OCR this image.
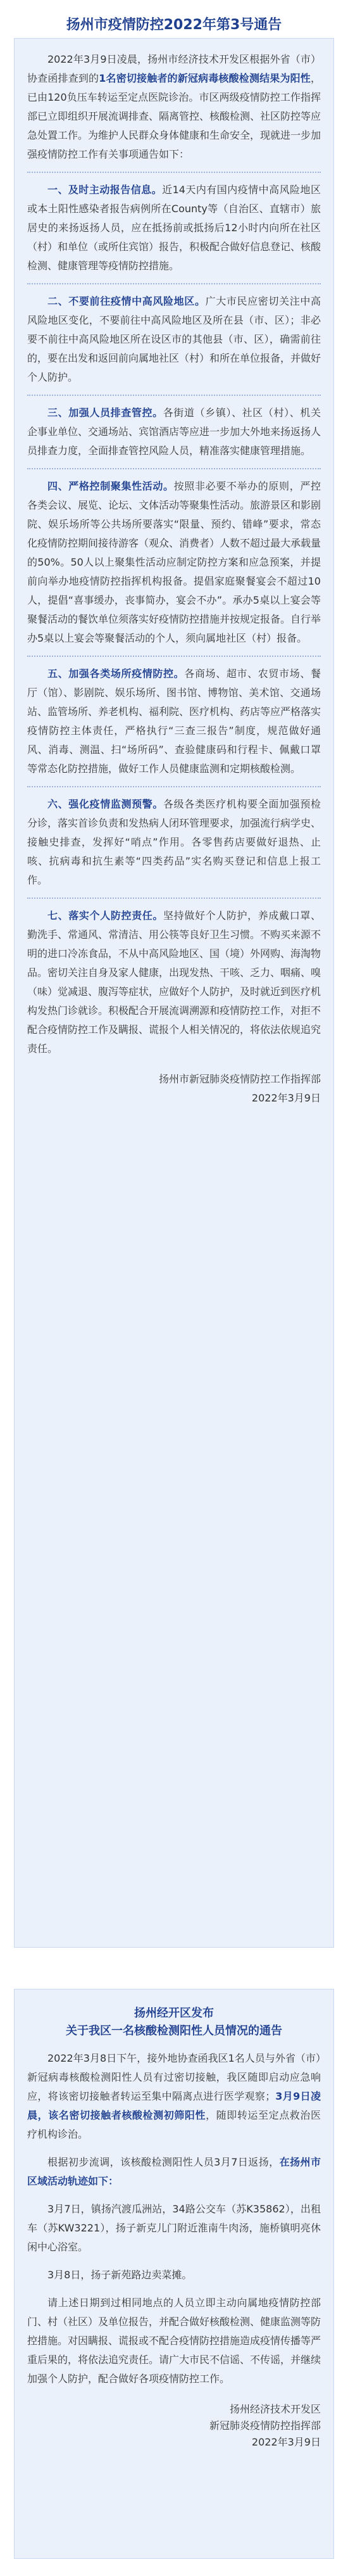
扬州市疫情防控2022年第3号通告

2022年3月9日凌晨，扬州市经济技术开发区根据外省（市）协查函排查到的1名密切接触者的新冠病毒核酸检测结果为阳性，已由120负压车转运至定点医院诊治。市区两级疫情防控工作指挥部已立即组织开展流调排查、隔离管控、核酸检测、社区防控等应急处置工作。为维护人民群众身体健康和生命安全，现就进一步加强疫情防控工作有关事项通告如下：

一、及时主动报告信息。近14天内有国内疫情中高风险地区或本土阳性感染者报告病例所在County等（自治区、直辖市）旅居史的来扬返扬人员，应在抵扬前或抵扬后12小时内向所在社区（村）和单位（或所住宾馆）报告，积极配合做好信息登记、核酸检测、健康管理等疫情防控措施。

二、不要前往疫情中高风险地区。广大市民应密切关注中高风险地区变化，不要前往中高风险地区及所在县（市、区）；非必要不前往中高风险地区所在设区市的其他县（市、区），确需前往的，要在出发和返回前向属地社区（村）和所在单位报备，并做好个人防护。

三、加强人员排查管控。各街道（乡镇）、社区（村）、机关企事业单位、交通场站、宾馆酒店等应进一步加大外地来扬返扬人员排查力度，全面排查管控风险人员，精准落实健康管理措施。

四、严格控制聚集性活动。按照非必要不举办的原则，严控各类会议、展览、论坛、文体活动等聚集性活动。旅游景区和影剧院、娱乐场所等公共场所要落实“限量、预约、错峰”要求，常态化疫情防控期间接待游客（观众、消费者）人数不超过最大承载量的50%。50人以上聚集性活动应制定防控方案和应急预案，并提前向举办地疫情防控指挥机构报备。提倡家庭聚餐宴会不超过10人，提倡“喜事缓办，丧事简办，宴会不办”。承办5桌以上宴会等聚餐活动的餐饮单位须落实好疫情防控措施并按规定报备。自行举办5桌以上宴会等聚餐活动的个人，须向属地社区（村）报备。

五、加强各类场所疫情防控。各商场、超市、农贸市场、餐厅（馆）、影剧院、娱乐场所、图书馆、博物馆、美术馆、交通场站、监管场所、养老机构、福利院、医疗机构、药店等应严格落实疫情防控主体责任，严格执行“三查三报告”制度，规范做好通风、消毒、测温、扫“场所码”、查验健康码和行程卡、佩戴口罩等常态化防控措施，做好工作人员健康监测和定期核酸检测。

六、强化疫情监测预警。各级各类医疗机构要全面加强预检分诊，落实首诊负责和发热病人闭环管理要求，加强流行病学史、接触史排查，发挥好“哨点”作用。各零售药店要做好退热、止咳、抗病毒和抗生素等“四类药品”实名购买登记和信息上报工作。

七、落实个人防控责任。坚持做好个人防护，养成戴口罩、勤洗手、常通风、常清洁、用公筷等良好卫生习惯。不购买来源不明的进口冷冻食品，不从中高风险地区、国（境）外网购、海淘物品。密切关注自身及家人健康，出现发热、干咳、乏力、咽痛、嗅（味）觉减退、腹泻等症状，应做好个人防护，及时就近到医疗机构发热门诊就诊。积极配合开展流调溯源和疫情防控工作，对拒不配合疫情防控工作及瞒报、谎报个人相关情况的，将依法依规追究责任。

扬州市新冠肺炎疫情防控工作指挥部
2022年3月9日
扬州经开区发布
关于我区一名核酸检测阳性人员情况的通告

2022年3月8日下午，接外地协查函我区1名人员与外省（市）新冠病毒核酸检测阳性人员有过密切接触，我区随即启动应急响应，将该密切接触者转运至集中隔离点进行医学观察；3月9日凌晨，该名密切接触者核酸检测初筛阳性，随即转运至定点救治医疗机构诊治。

根据初步流调，该核酸检测阳性人员3月7日返扬，在扬州市区域活动轨迹如下：

3月7日，镇扬汽渡瓜洲站，34路公交车（苏K35862），出租车（苏KW3221），扬子新克儿门附近淮南牛肉汤，施桥镇明亮休闲中心浴室。

3月8日，扬子新苑路边卖菜摊。

请上述日期到过相同地点的人员立即主动向属地疫情防控部门、村（社区）及单位报告，并配合做好核酸检测、健康监测等防控措施。对因瞒报、谎报或不配合疫情防控措施造成疫情传播等严重后果的，将依法追究责任。请广大市民不信谣、不传谣，并继续加强个人防护，配合做好各项疫情防控工作。

扬州经济技术开发区
新冠肺炎疫情防控指挥部
2022年3月9日
